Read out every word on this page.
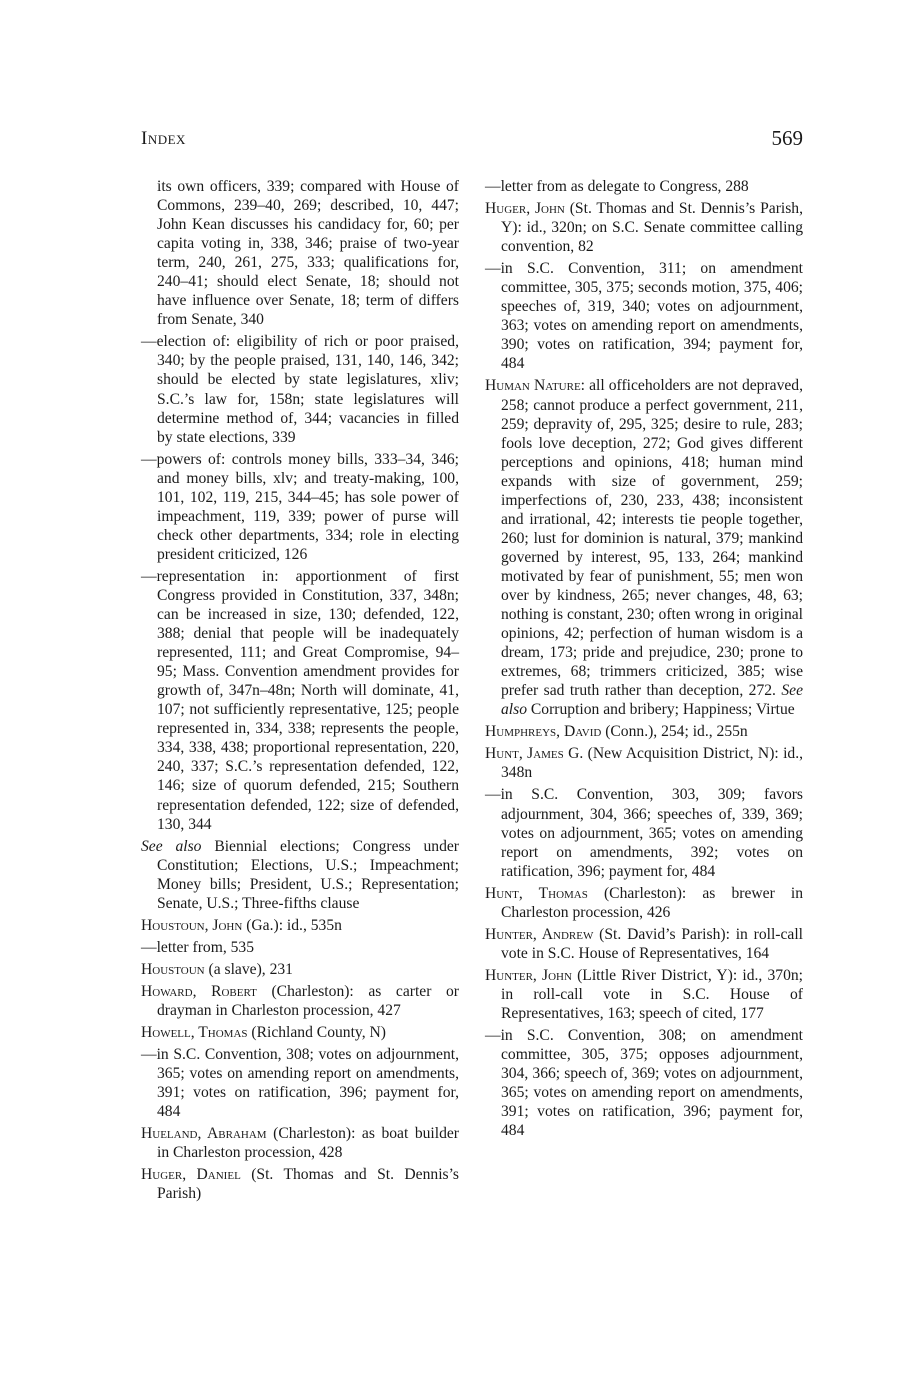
Index	569

its own officers, 339; compared with House of Commons, 239–40, 269; described, 10, 447; John Kean discusses his candidacy for, 60; per capita voting in, 338, 346; praise of two-year term, 240, 261, 275, 333; qualifications for, 240–41; should elect Senate, 18; should not have influence over Senate, 18; term of differs from Senate, 340

—election of: eligibility of rich or poor praised, 340; by the people praised, 131, 140, 146, 342; should be elected by state legislatures, xliv; S.C.’s law for, 158n; state legislatures will determine method of, 344; vacancies in filled by state elections, 339

—powers of: controls money bills, 333–34, 346; and money bills, xlv; and treaty-making, 100, 101, 102, 119, 215, 344–45; has sole power of impeachment, 119, 339; power of purse will check other departments, 334; role in electing president criticized, 126

—representation in: apportionment of first Congress provided in Constitution, 337, 348n; can be increased in size, 130; defended, 122, 388; denial that people will be inadequately represented, 111; and Great Compromise, 94–95; Mass. Convention amendment provides for growth of, 347n–48n; North will dominate, 41, 107; not sufficiently representative, 125; people represented in, 334, 338; represents the people, 334, 338, 438; proportional representation, 220, 240, 337; S.C.’s representation defended, 122, 146; size of quorum defended, 215; Southern representation defended, 122; size of defended, 130, 344

See also Biennial elections; Congress under Constitution; Elections, U.S.; Impeachment; Money bills; President, U.S.; Representation; Senate, U.S.; Three-fifths clause

Houstoun, John (Ga.): id., 535n

—letter from, 535

Houstoun (a slave), 231

Howard, Robert (Charleston): as carter or drayman in Charleston procession, 427

Howell, Thomas (Richland County, N)

—in S.C. Convention, 308; votes on adjournment, 365; votes on amending report on amendments, 391; votes on ratification, 396; payment for, 484

Hueland, Abraham (Charleston): as boat builder in Charleston procession, 428

Huger, Daniel (St. Thomas and St. Dennis’s Parish)

—letter from as delegate to Congress, 288

Huger, John (St. Thomas and St. Dennis’s Parish, Y): id., 320n; on S.C. Senate committee calling convention, 82

—in S.C. Convention, 311; on amendment committee, 305, 375; seconds motion, 375, 406; speeches of, 319, 340; votes on adjournment, 363; votes on amending report on amendments, 390; votes on ratification, 394; payment for, 484

Human Nature: all officeholders are not depraved, 258; cannot produce a perfect government, 211, 259; depravity of, 295, 325; desire to rule, 283; fools love deception, 272; God gives different perceptions and opinions, 418; human mind expands with size of government, 259; imperfections of, 230, 233, 438; inconsistent and irrational, 42; interests tie people together, 260; lust for dominion is natural, 379; mankind governed by interest, 95, 133, 264; mankind motivated by fear of punishment, 55; men won over by kindness, 265; never changes, 48, 63; nothing is constant, 230; often wrong in original opinions, 42; perfection of human wisdom is a dream, 173; pride and prejudice, 230; prone to extremes, 68; trimmers criticized, 385; wise prefer sad truth rather than deception, 272. See also Corruption and bribery; Happiness; Virtue

Humphreys, David (Conn.), 254; id., 255n

Hunt, James G. (New Acquisition District, N): id., 348n

—in S.C. Convention, 303, 309; favors adjournment, 304, 366; speeches of, 339, 369; votes on adjournment, 365; votes on amending report on amendments, 392; votes on ratification, 396; payment for, 484

Hunt, Thomas (Charleston): as brewer in Charleston procession, 426

Hunter, Andrew (St. David’s Parish): in roll-call vote in S.C. House of Representatives, 164

Hunter, John (Little River District, Y): id., 370n; in roll-call vote in S.C. House of Representatives, 163; speech of cited, 177

—in S.C. Convention, 308; on amendment committee, 305, 375; opposes adjournment, 304, 366; speech of, 369; votes on adjournment, 365; votes on amending report on amendments, 391; votes on ratification, 396; payment for, 484
